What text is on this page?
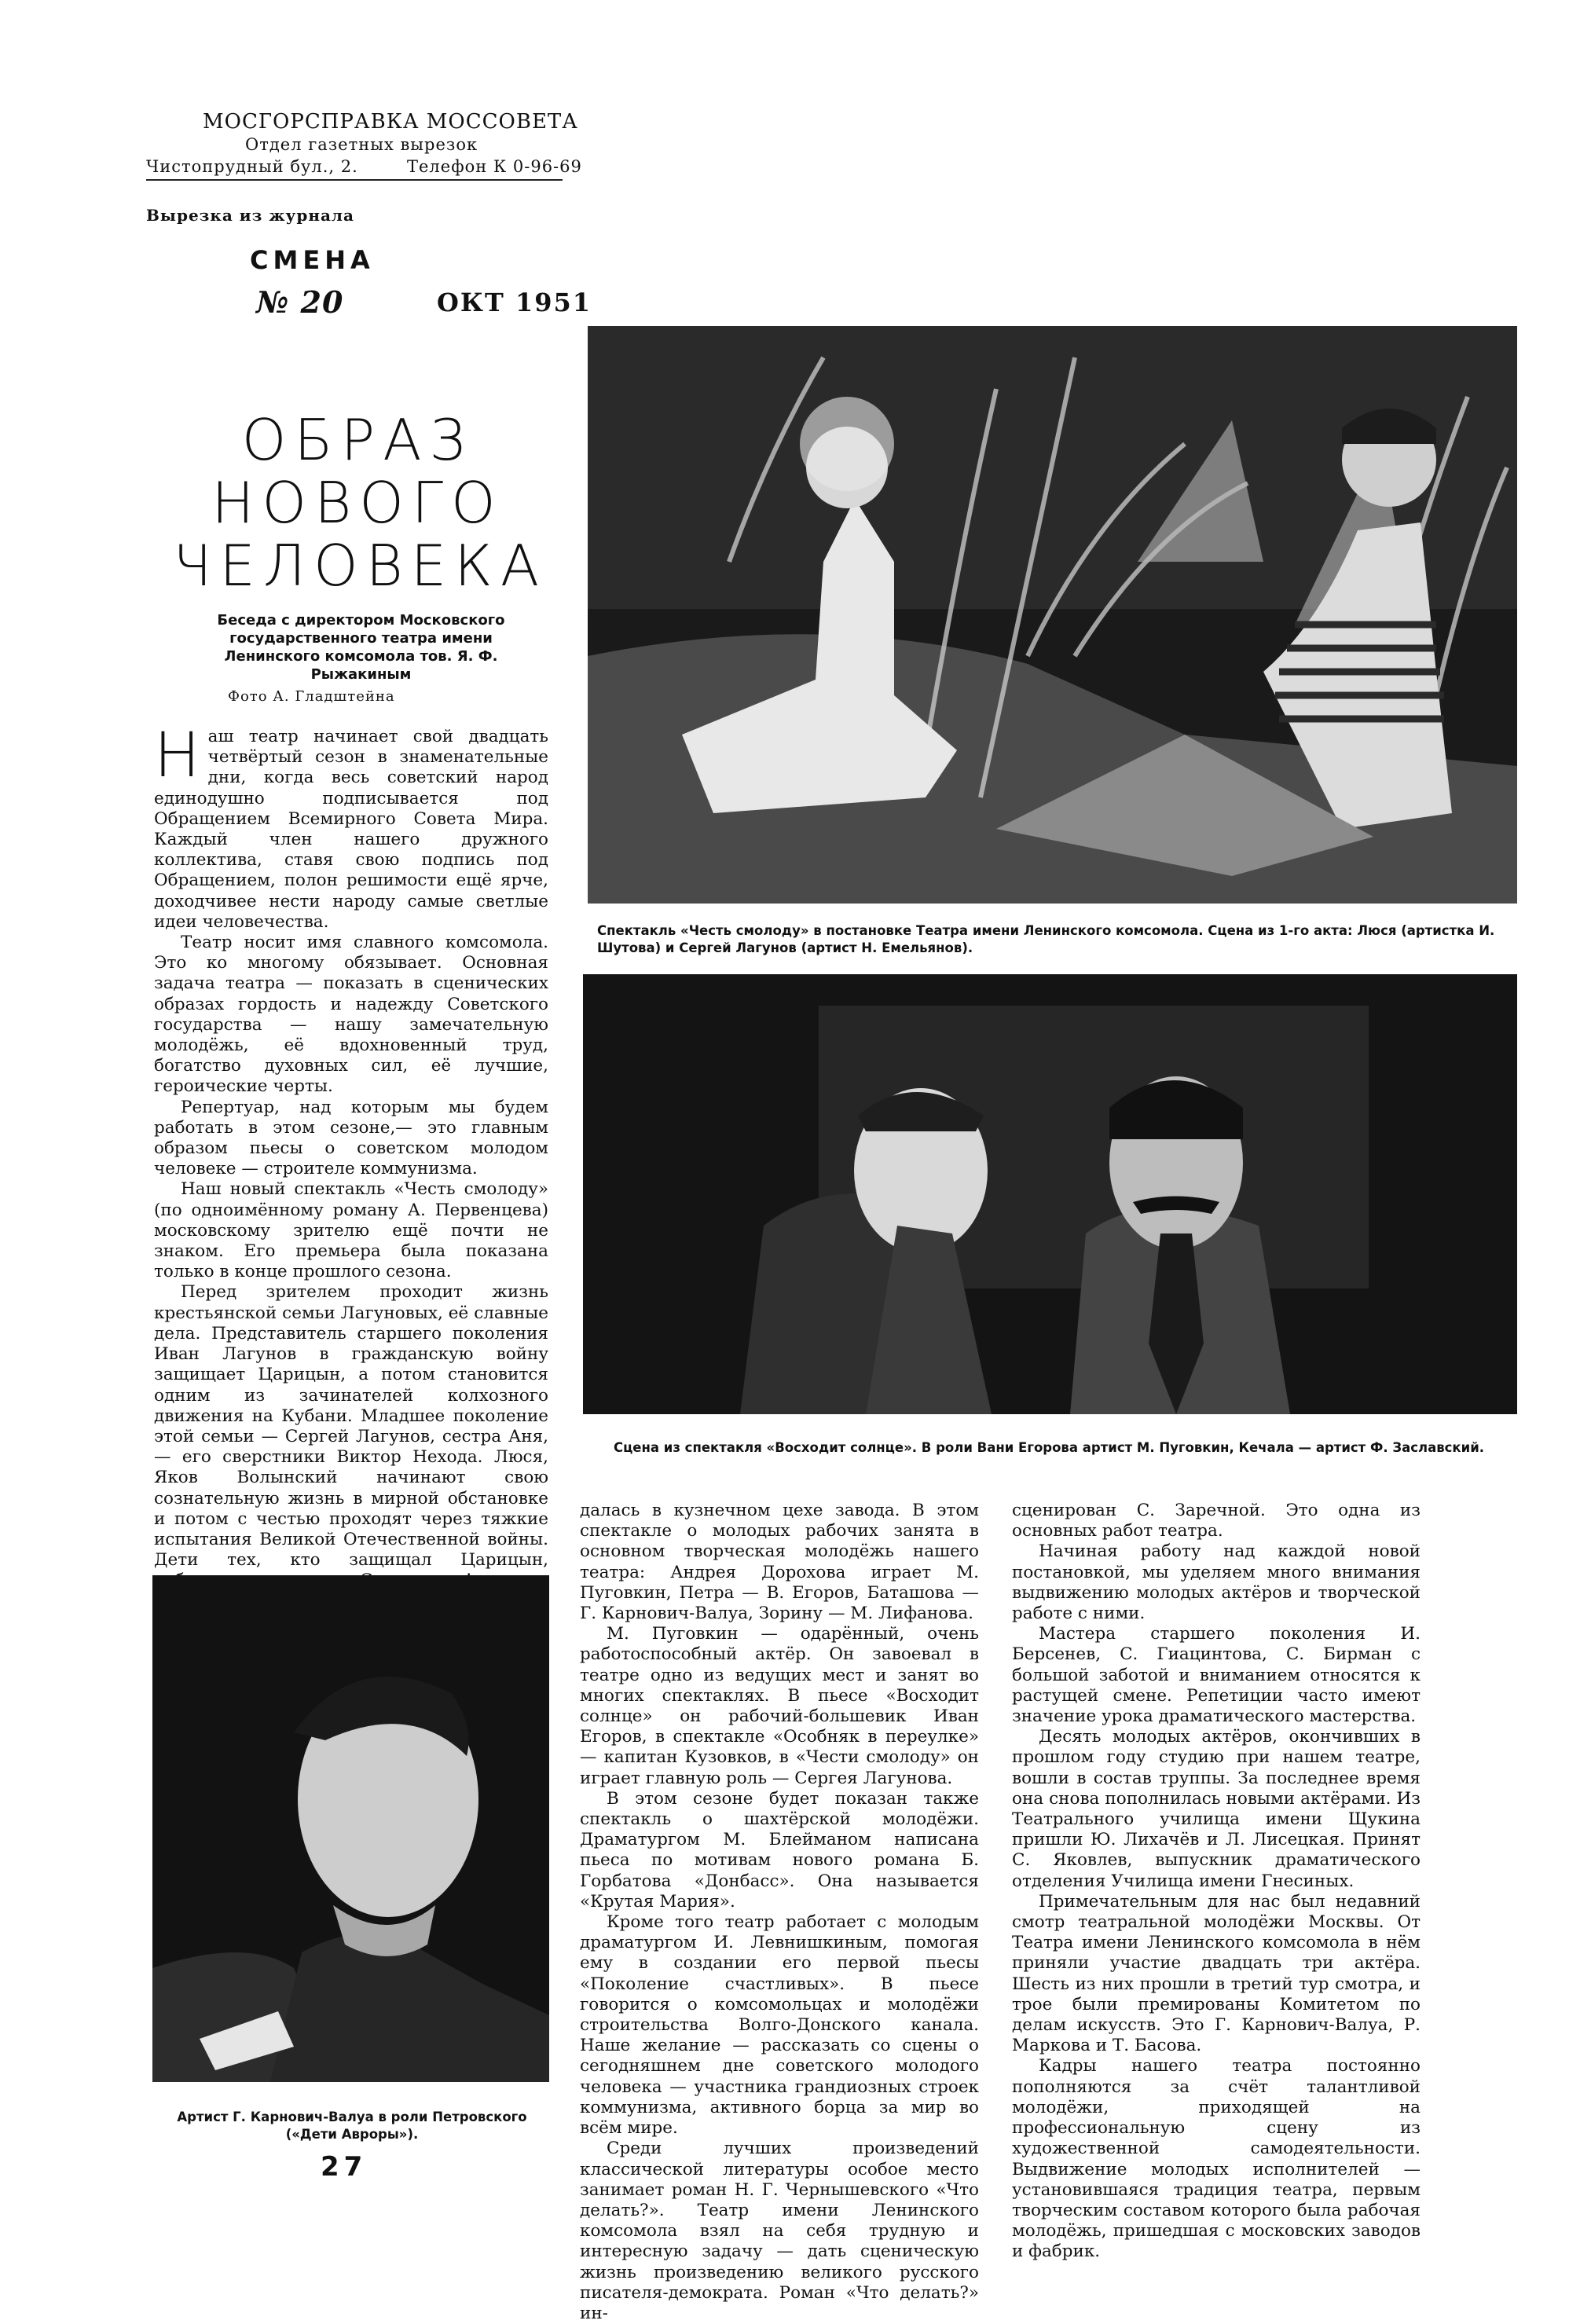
МОСГОРСПРАВКА МОССОВЕТА
Отдел газетных вырезок
Чистопрудный бул., 2.	Телефон К 0-96-69
Вырезка из журнала
СМЕНА
№ 20	ОКТ 1951
ОБРАЗ
НОВОГО
ЧЕЛОВЕКА
Беседа с директором Московского государственного театра имени Ленинского комсомола тов. Я. Ф. Рыжакиным
Фото А. Гладштейна

Н аш театр начинает свой двадцать четвёртый сезон в знаменательные дни, когда весь советский народ единодушно подписывается под Обращением Всемирного Совета Мира. Каждый член нашего дружного коллектива, ставя свою подпись под Обращением, полон решимости ещё ярче, доходчивее нести народу самые светлые идеи человечества.

Театр носит имя славного комсомола. Это ко многому обязывает. Основная задача театра — показать в сценических образах гордость и надежду Советского государства — нашу замечательную молодёжь, её вдохновенный труд, богатство духовных сил, её лучшие, героические черты.

Репертуар, над которым мы будем работать в этом сезоне,— это главным образом пьесы о советском молодом человеке — строителе коммунизма.

Наш новый спектакль «Честь смолоду» (по одноимённому роману А. Первенцева) московскому зрителю ещё почти не знаком. Его премьера была показана только в конце прошлого сезона.

Перед зрителем проходит жизнь крестьянской семьи Лагуновых, её славные дела. Представитель старшего поколения Иван Лагунов в гражданскую войну защищает Царицын, а потом становится одним из зачинателей колхозного движения на Кубани. Младшее поколение этой семьи — Сергей Лагунов, сестра Аня,— его сверстники Виктор Неходa. Люся, Яков Волынский начинают свою сознательную жизнь в мирной обстановке и потом с честью проходят через тяжкие испытания Великой Отечественной войны. Дети тех, кто защищал Царицын,

Спектакль «Честь смолоду» в постановке Театра имени Ленинского комсомола. Сцена из 1-го акта: Люся (артистка И. Шутова) и Сергей Лагунов (артист Н. Емельянов).
Сцена из спектакля «Восходит солнце». В роли Вани Егорова артист М. Пуговкин, Кечала — артист Ф. Заславский.
Артист Г. Карнович-Валуа в роли Петровского («Дети Авроры»).

далась в кузнечном цехе завода. В этом спектакле о молодых рабочих занята в основном творческая молодёжь нашего театра: Андрея Дорохова играет М. Пуговкин, Петра — В. Егоров, Баташова — Г. Карнович-Валуа, Зорину — М. Лифанова.

М. Пуговкин — одарённый, очень работоспособный актёр. Он завоевал в театре одно из ведущих мест и занят во многих спектаклях. В пьесе «Восходит солнце» он рабочий-большевик Иван Егоров, в спектакле «Особняк в переулке» — капитан Кузовков, в «Чести смолоду» он играет главную роль — Сергея Лагунова.

В этом сезоне будет показан также спектакль о шахтёрской молодёжи. Драматургом М. Блейманом написана пьеса по мотивам нового романа Б. Горбатова «Донбасс». Она называется «Крутая Мария».

Кроме того театр работает с молодым драматургом И. Левнишкиным, помогая ему в создании его первой пьесы «Поколение счастливых». В пьесе говорится о комсомольцах и молодёжи строительства Волго-Донского канала. Наше желание — рассказать со сцены о сегодняшнем дне советского молодого человека — участника грандиозных строек коммунизма, активного борца за мир во всём мире.

Среди лучших произведений классической литературы особое место занимает роман Н. Г. Чернышевского «Что делать?». Театр имени Ленинского комсомола взял на себя трудную и интересную задачу — дать сценическую жизнь произведению великого русского писателя-демократа. Роман «Что делать?» ин-

сценирован С. Заречной. Это одна из основных работ театра.

Начиная работу над каждой новой постановкой, мы уделяем много внимания выдвижению молодых актёров и творческой работе с ними.

Мастера старшего поколения И. Берсенев, С. Гиацинтова, С. Бирман с большой заботой и вниманием относятся к растущей смене. Репетиции часто имеют значение урока драматического мастерства.

Десять молодых актёров, окончивших в прошлом году студию при нашем театре, вошли в состав труппы. За последнее время она снова пополнилась новыми актёрами. Из Театрального училища имени Щукина пришли Ю. Лихачёв и Л. Лисецкая. Принят С. Яковлев, выпускник драматического отделения Училища имени Гнесиных.

Примечательным для нас был недавний смотр театральной молодёжи Москвы. От Театра имени Ленинского комсомола в нём приняли участие двадцать три актёра. Шесть из них прошли в третий тур смотра, и трое были премированы Комитетом по делам искусств. Это Г. Карнович-Валуа, Р. Маркова и Т. Басова.

Кадры нашего театра постоянно пополняются за счёт талантливой молодёжи, приходящей на профессиональную сцену из художественной самодеятельности. Выдвижение молодых исполнителей — установившаяся традиция театра, первым творческим составом которого была рабочая молодёжь, пришедшая с московских заводов и фабрик.

27
